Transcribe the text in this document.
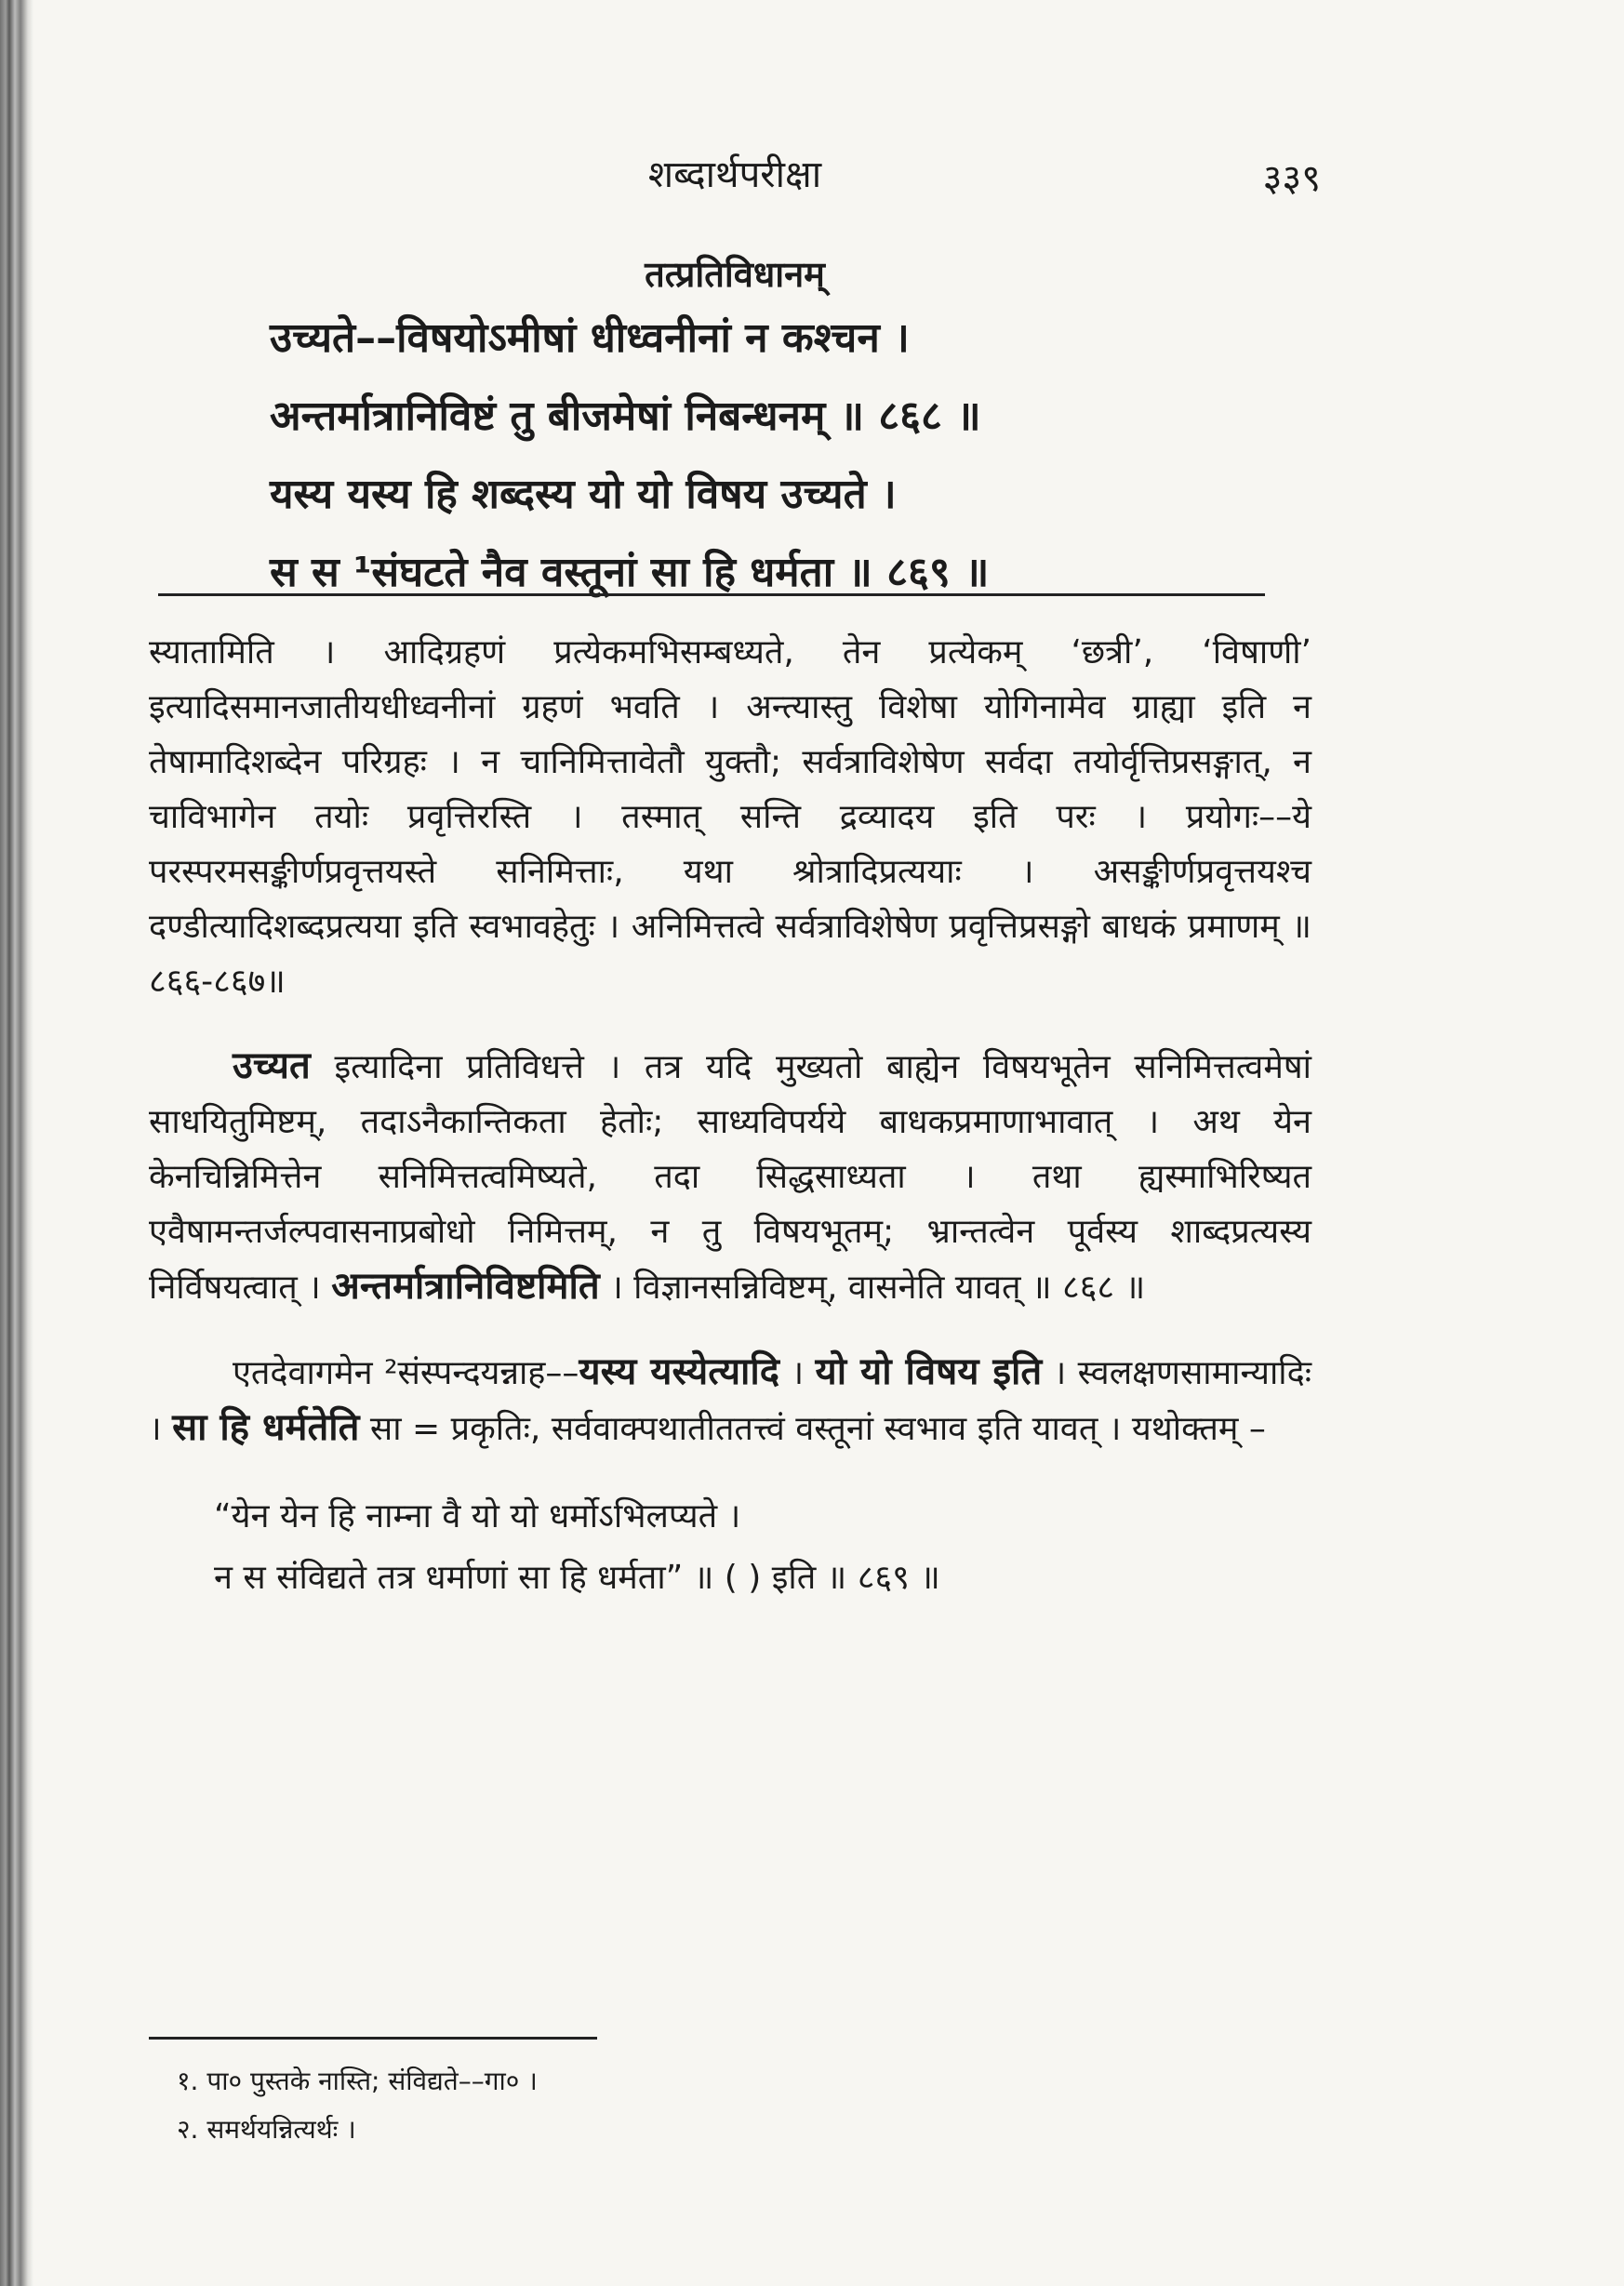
शब्दार्थपरीक्षा	३३९
तत्प्रतिविधानम्
उच्यते––विषयोऽमीषां धीध्वनीनां न कश्चन ।
अन्तर्मात्रानिविष्टं तु बीजमेषां निबन्धनम् ॥ ८६८ ॥
यस्य यस्य हि शब्दस्य यो यो विषय उच्यते ।
स स ¹संघटते नैव वस्तूनां सा हि धर्मता ॥ ८६९ ॥

स्यातामिति । आदिग्रहणं प्रत्येकमभिसम्बध्यते, तेन प्रत्येकम् ‘छत्री’, ‘विषाणी’ इत्यादिसमानजातीयधीध्वनीनां ग्रहणं भवति । अन्त्यास्तु विशेषा योगिनामेव ग्राह्या इति न तेषामादिशब्देन परिग्रहः । न चानिमित्तावेतौ युक्तौ; सर्वत्राविशेषेण सर्वदा तयोर्वृत्तिप्रसङ्गात्, न चाविभागेन तयोः प्रवृत्तिरस्ति । तस्मात् सन्ति द्रव्यादय इति परः । प्रयोगः––ये परस्परमसङ्कीर्णप्रवृत्तयस्ते सनिमित्ताः, यथा श्रोत्रादिप्रत्ययाः । असङ्कीर्णप्रवृत्तयश्च दण्डीत्यादिशब्दप्रत्यया इति स्वभावहेतुः । अनिमित्तत्वे सर्वत्राविशेषेण प्रवृत्तिप्रसङ्गो बाधकं प्रमाणम् ॥८६६-८६७॥

उच्यत इत्यादिना प्रतिविधत्ते । तत्र यदि मुख्यतो बाह्येन विषयभूतेन सनिमित्तत्वमेषां साधयितुमिष्टम्, तदाऽनैकान्तिकता हेतोः; साध्यविपर्यये बाधकप्रमाणाभावात् । अथ येन केनचिन्निमित्तेन सनिमित्तत्वमिष्यते, तदा सिद्धसाध्यता । तथा ह्यस्माभिरिष्यत एवैषामन्तर्जल्पवासनाप्रबोधो निमित्तम्, न तु विषयभूतम्; भ्रान्तत्वेन पूर्वस्य शाब्दप्रत्यस्य निर्विषयत्वात् । अन्तर्मात्रानिविष्टमिति । विज्ञानसन्निविष्टम्, वासनेति यावत् ॥ ८६८ ॥

एतदेवागमेन ²संस्पन्दयन्नाह––यस्य यस्येत्यादि । यो यो विषय इति । स्वलक्षणसामान्यादिः । सा हि धर्मतेति सा = प्रकृतिः, सर्ववाक्पथातीततत्त्वं वस्तूनां स्वभाव इति यावत् । यथोक्तम् –

“येन येन हि नाम्ना वै यो यो धर्मोऽभिलप्यते ।
न स संविद्यते तत्र धर्माणां सा हि धर्मता” ॥ ( ) इति ॥ ८६९ ॥
१. पा० पुस्तके नास्ति; संविद्यते––गा० ।
२. समर्थयन्नित्यर्थः ।
